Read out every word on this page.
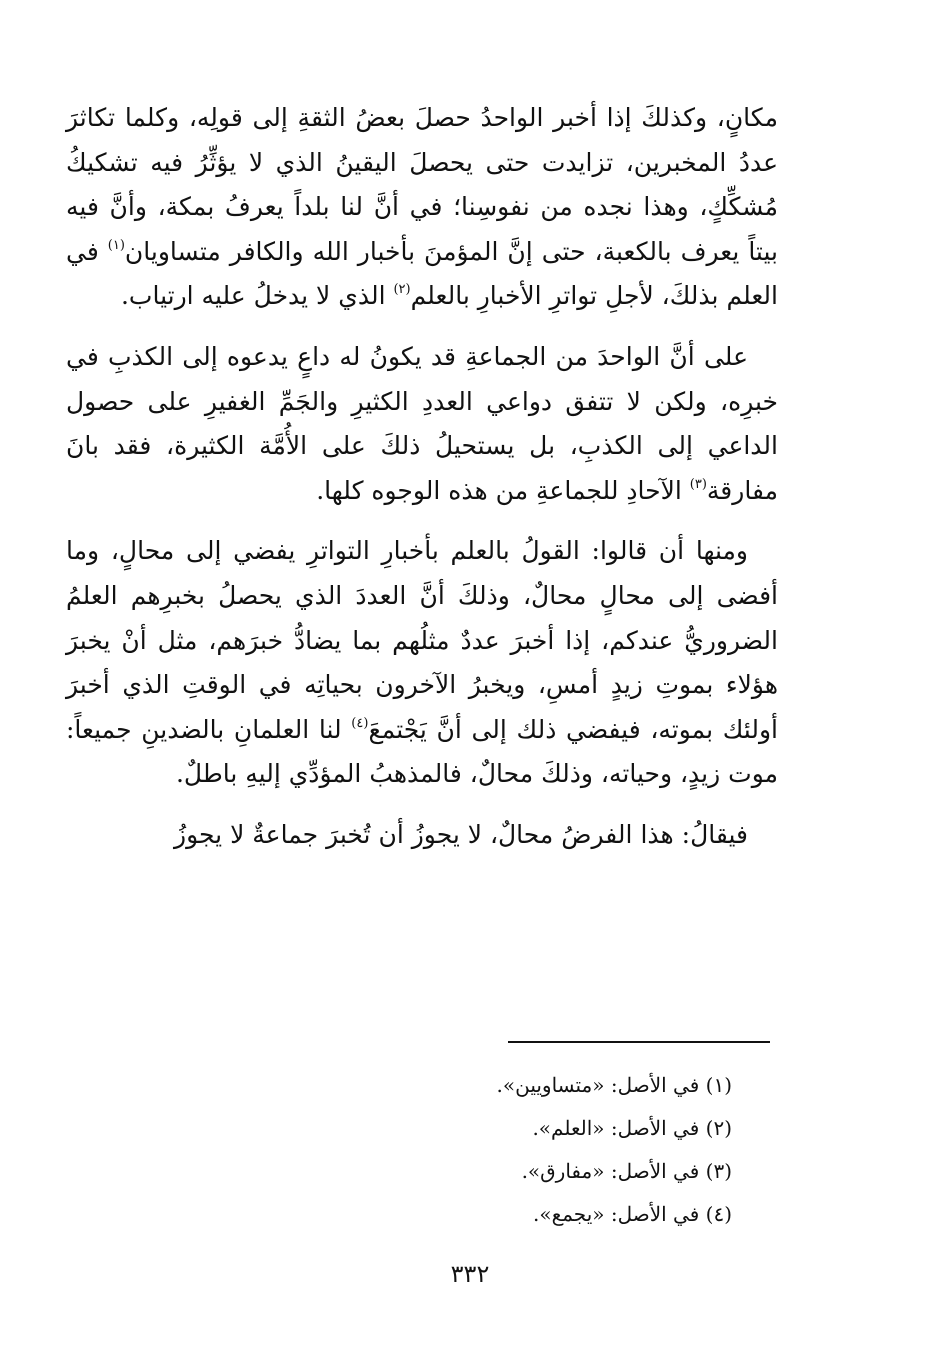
مكانٍ، وكذلكَ إذا أخبر الواحدُ حصلَ بعضُ الثقةِ إلى قولِه، وكلما تكاثرَ عددُ المخبرين، تزايدت حتى يحصلَ اليقينُ الذي لا يؤثِّرُ فيه تشكيكُ مُشكِّكٍ، وهذا نجده من نفوسِنا؛ في أنَّ لنا بلداً يعرفُ بمكة، وأنَّ فيه بيتاً يعرف بالكعبة، حتى إنَّ المؤمنَ بأخبار الله والكافر متساويان$^{(١)}$ في العلم بذلكَ، لأجلِ تواترِ الأخبارِ بالعلم$^{(٢)}$ الذي لا يدخلُ عليه ارتياب.

على أنَّ الواحدَ من الجماعةِ قد يكونُ له داعٍ يدعوه إلى الكذبِ في خبرِه، ولكن لا تتفق دواعي العددِ الكثيرِ والجَمِّ الغفيرِ على حصول الداعي إلى الكذبِ، بل يستحيلُ ذلكَ على الأُمَّة الكثيرة، فقد بانَ مفارقة$^{(٣)}$ الآحادِ للجماعةِ من هذه الوجوه كلها.

ومنها أن قالوا: القولُ بالعلم بأخبارِ التواترِ يفضي إلى محالٍ، وما أفضى إلى محالٍ محالٌ، وذلكَ أنَّ العددَ الذي يحصلُ بخبرِهم العلمُ الضروريُّ عندكم، إذا أخبرَ عددٌ مثلُهم بما يضادُّ خبرَهم، مثل أنْ يخبرَ هؤلاء بموتِ زيدٍ أمسِ، ويخبرُ الآخرون بحياتِه في الوقتِ الذي أخبرَ أولئك بموته، فيفضي ذلك إلى أنَّ يَجْتمعَ$^{(٤)}$ لنا العلمانِ بالضدينِ جميعاً: موت زيدٍ، وحياته، وذلكَ محالٌ، فالمذهبُ المؤدِّي إليهِ باطلٌ.

فيقالُ: هذا الفرضُ محالٌ، لا يجوزُ أن تُخبرَ جماعةٌ لا يجوزُ

(١) في الأصل: «متساويين».

(٢) في الأصل: «العلم».

(٣) في الأصل: «مفارق».

(٤) في الأصل: «يجمع».

٣٣٢
